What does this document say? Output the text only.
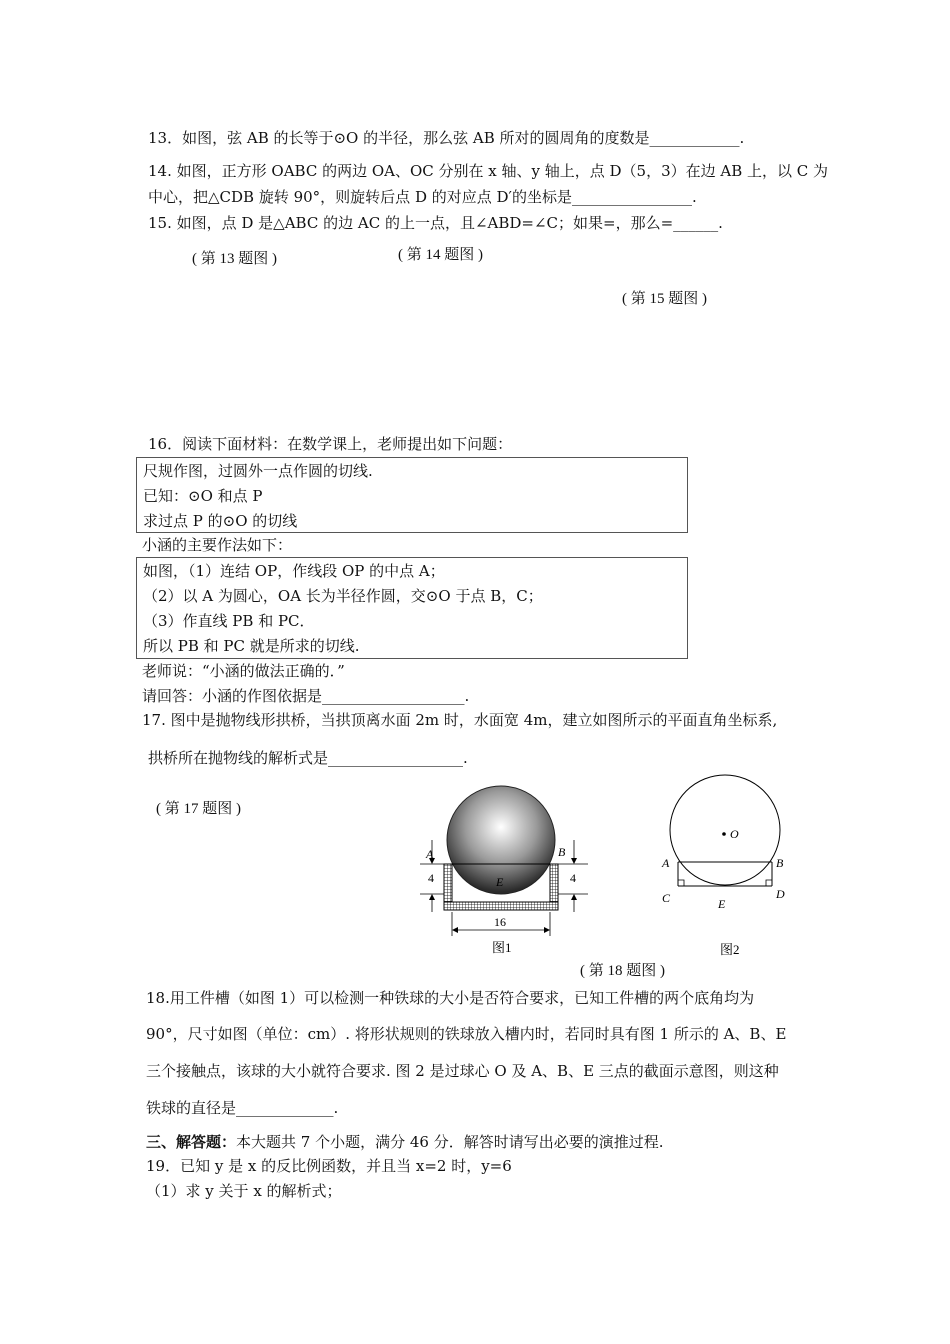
13．如图，弦 AB 的长等于⊙O 的半径，那么弦 AB 所对的圆周角的度数是____________.
14. 如图，正方形 OABC 的两边 OA、OC 分别在 x 轴、y 轴上，点 D（5，3）在边 AB 上，以 C 为
中心，把△CDB 旋转 90°，则旋转后点 D 的对应点 D′的坐标是________________.
15. 如图，点 D 是△ABC 的边 AC 的上一点，且∠ABD=∠C；如果=，那么=______.
( 第 13 题图 )	( 第 14 题图 )
( 第 15 题图 )
16．阅读下面材料：在数学课上，老师提出如下问题：
尺规作图，过圆外一点作圆的切线.
已知：⊙O 和点 P
求过点 P 的⊙O 的切线
小涵的主要作法如下：
如图，（1）连结 OP，作线段 OP 的中点 A；
（2）以 A 为圆心，OA 长为半径作圆，交⊙O 于点 B，C；
（3）作直线 PB 和 PC．
所以 PB 和 PC 就是所求的切线.
老师说：“小涵的做法正确的．”
请回答：小涵的作图依据是___________________.
17. 图中是抛物线形拱桥，当拱顶离水面 2m 时，水面宽 4m，建立如图所示的平面直角坐标系,
拱桥所在抛物线的解析式是__________________.
( 第 17 题图 )
A	B
E
4	4
16
图1
O
A	B
C	D
E
图2
( 第 18 题图 )
18.用工件槽（如图 1）可以检测一种铁球的大小是否符合要求，已知工件槽的两个底角均为
90°，尺寸如图（单位：cm）. 将形状规则的铁球放入槽内时，若同时具有图 1 所示的 A、B、E
三个接触点，该球的大小就符合要求. 图 2 是过球心 O 及 A、B、E 三点的截面示意图，则这种
铁球的直径是_____________.
三、解答题：本大题共 7 个小题，满分 46 分．解答时请写出必要的演推过程.
19．已知 y 是 x 的反比例函数，并且当 x=2 时，y=6
（1）求 y 关于 x 的解析式；
